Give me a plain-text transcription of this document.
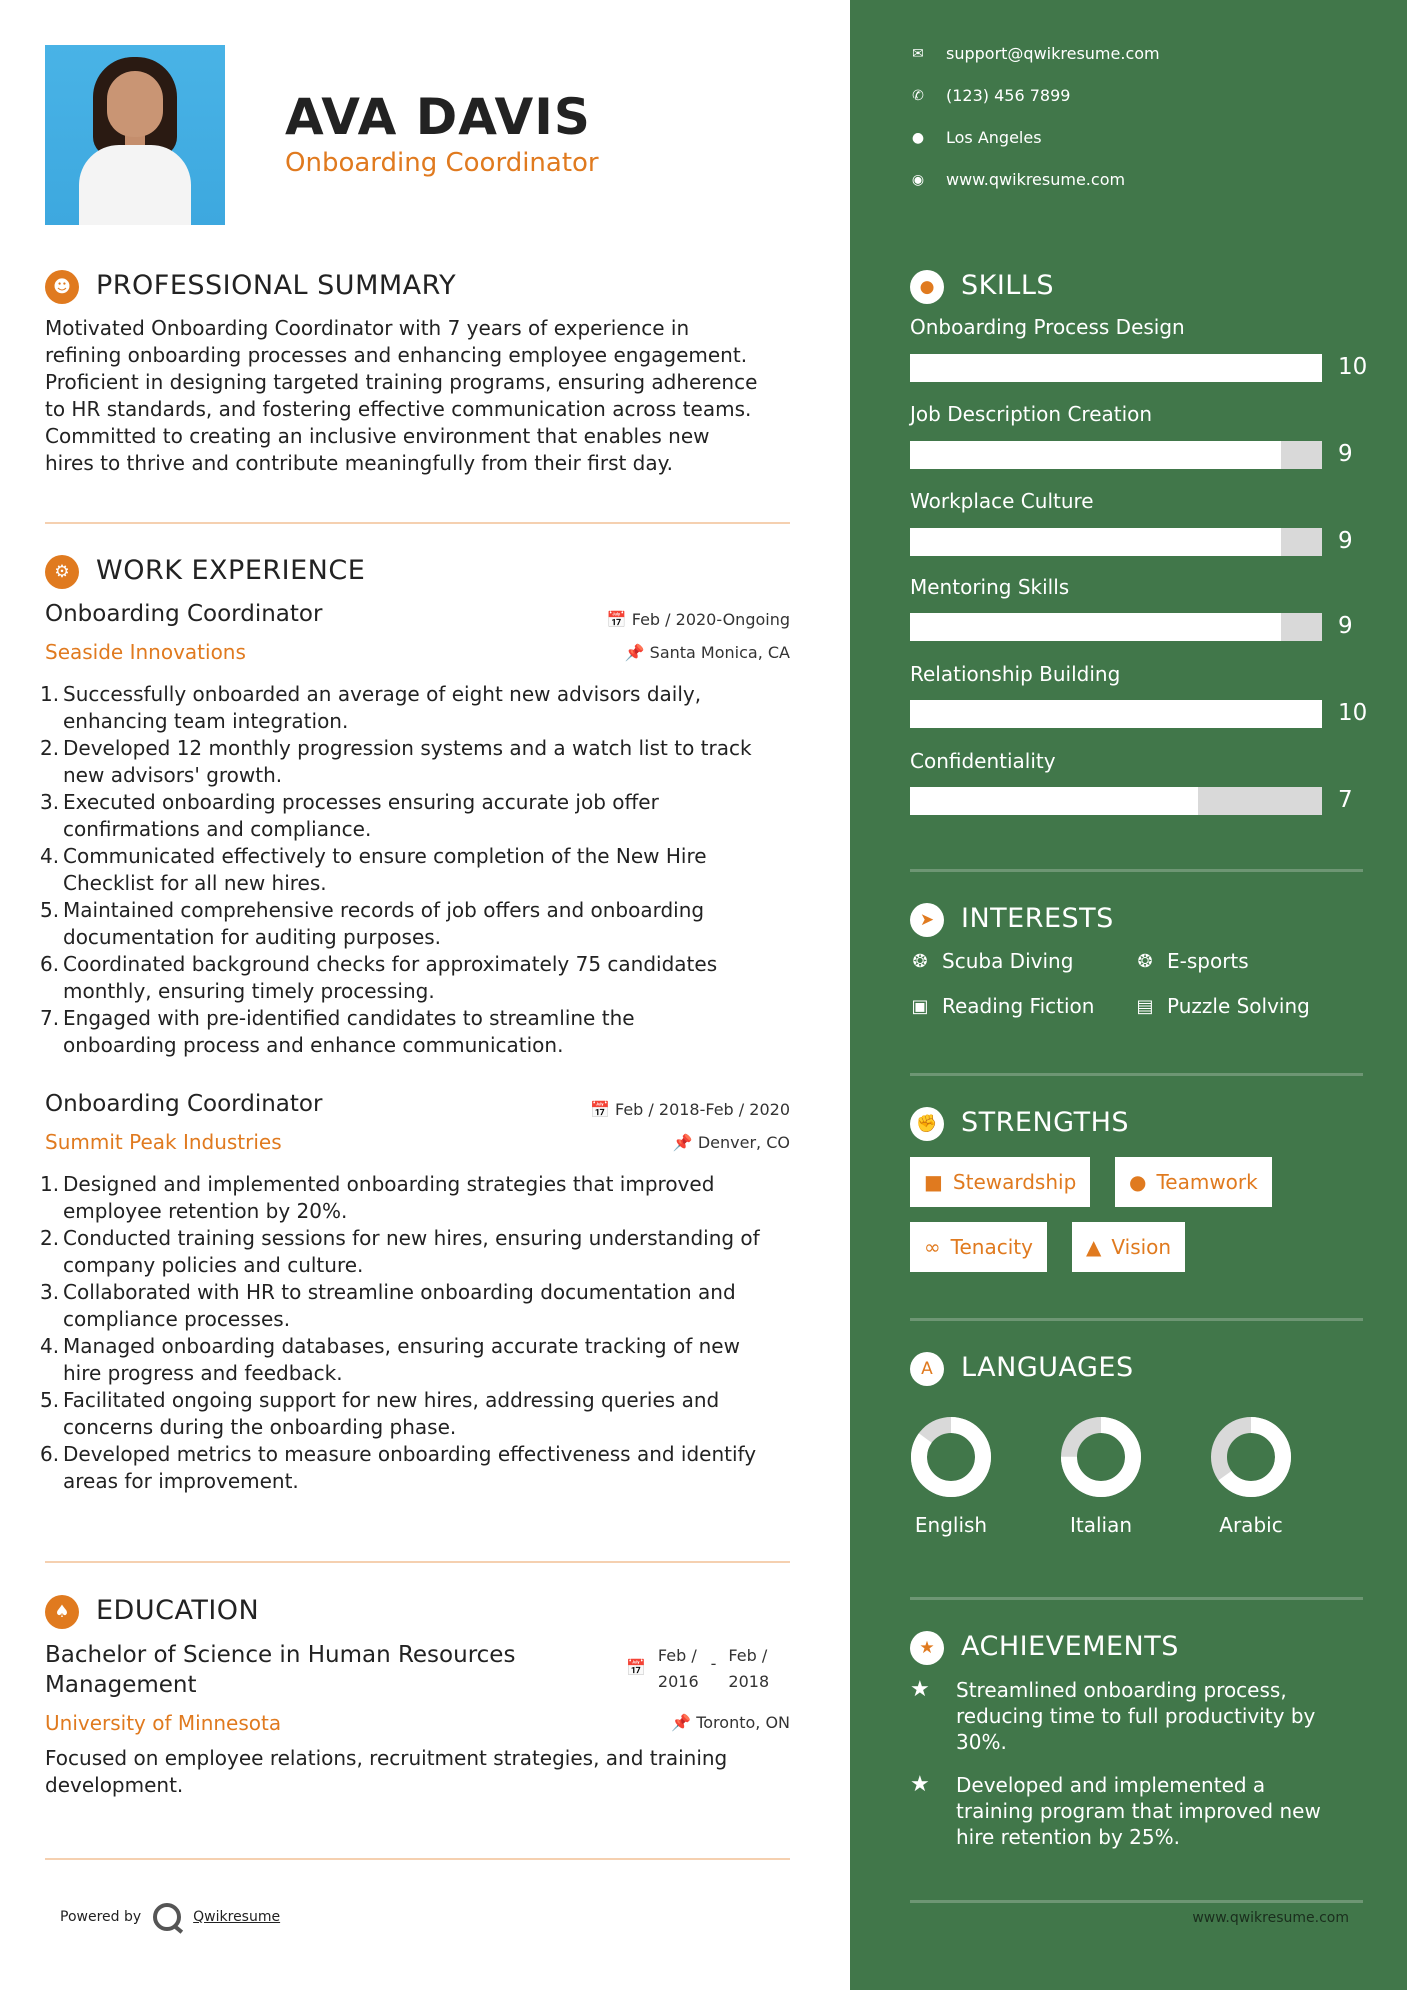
AVA DAVIS
Onboarding Coordinator
☻ PROFESSIONAL SUMMARY
Motivated Onboarding Coordinator with 7 years of experience in
refining onboarding processes and enhancing employee engagement.
Proficient in designing targeted training programs, ensuring adherence
to HR standards, and fostering effective communication across teams.
Committed to creating an inclusive environment that enables new
hires to thrive and contribute meaningfully from their first day.
⚙ WORK EXPERIENCE
Onboarding Coordinator	📅 Feb / 2020-Ongoing
Seaside Innovations	📌 Santa Monica, CA
1. Successfully onboarded an average of eight new advisors daily,
enhancing team integration.
2. Developed 12 monthly progression systems and a watch list to track
new advisors' growth.
3. Executed onboarding processes ensuring accurate job offer
confirmations and compliance.
4. Communicated effectively to ensure completion of the New Hire
Checklist for all new hires.
5. Maintained comprehensive records of job offers and onboarding
documentation for auditing purposes.
6. Coordinated background checks for approximately 75 candidates
monthly, ensuring timely processing.
7. Engaged with pre-identified candidates to streamline the
onboarding process and enhance communication.
Onboarding Coordinator	📅 Feb / 2018-Feb / 2020
Summit Peak Industries	📌 Denver, CO
1. Designed and implemented onboarding strategies that improved
employee retention by 20%.
2. Conducted training sessions for new hires, ensuring understanding of
company policies and culture.
3. Collaborated with HR to streamline onboarding documentation and
compliance processes.
4. Managed onboarding databases, ensuring accurate tracking of new
hire progress and feedback.
5. Facilitated ongoing support for new hires, addressing queries and
concerns during the onboarding phase.
6. Developed metrics to measure onboarding effectiveness and identify
areas for improvement.
♠ EDUCATION
Bachelor of Science in Human Resources
Management
📅
Feb /
2016
- Feb /
2018
University of Minnesota	📌 Toronto, ON
Focused on employee relations, recruitment strategies, and training
development.
Powered by	Qwikresume
✉ support@qwikresume.com
✆ (123) 456 7899
● Los Angeles
◉ www.qwikresume.com
● SKILLS
Onboarding Process Design
10
Job Description Creation
9
Workplace Culture
9
Mentoring Skills
9
Relationship Building
10
Confidentiality
7
➤ INTERESTS
❂ Scuba Diving	❂ E-sports
▣ Reading Fiction ▤ Puzzle Solving
✊ STRENGTHS
■ Stewardship	● Teamwork
∞ Tenacity	▲ Vision
A	LANGUAGES
English	Italian	Arabic
★ ACHIEVEMENTS
★	Streamlined onboarding process,
reducing time to full productivity by
30%.
★	Developed and implemented a
training program that improved new
hire retention by 25%.
www.qwikresume.com
